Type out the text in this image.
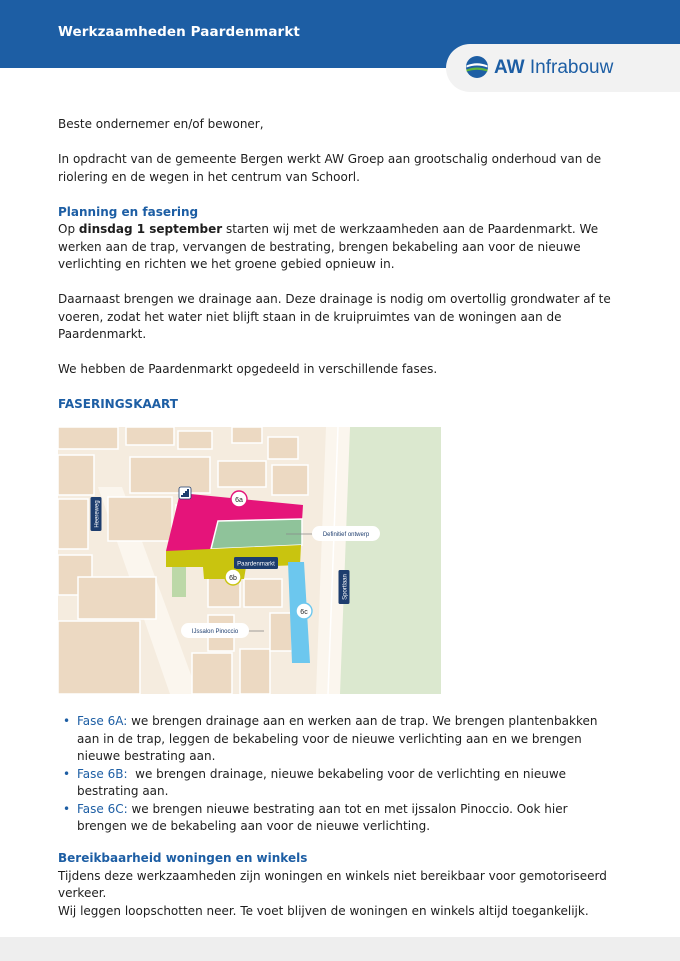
Werkzaamheden Paardenmarkt
AW Infrabouw

Beste ondernemer en/of bewoner,

In opdracht van de gemeente Bergen werkt AW Groep aan grootschalig onderhoud van de riolering en de wegen in het centrum van Schoorl.

Planning en fasering

Op dinsdag 1 september starten wij met de werkzaamheden aan de Paardenmarkt. We werken aan de trap, vervangen de bestrating, brengen bekabeling aan voor de nieuwe verlichting en richten we het groene gebied opnieuw in.

Daarnaast brengen we drainage aan. Deze drainage is nodig om overtollig grondwater af te voeren, zodat het water niet blijft staan in de kruipruimtes van de woningen aan de Paardenmarkt.

We hebben de Paardenmarkt opgedeeld in verschillende fases.

FASERINGSKAART

Heereweg
Sportlaan
Paardenmarkt
6a
6b
6c
Definitief ontwerp
IJssalon Pinoccio
• Fase 6A: we brengen drainage aan en werken aan de trap. We brengen plantenbakken aan in de trap, leggen de bekabeling voor de nieuwe verlichting aan en we brengen nieuwe bestrating aan.
• Fase 6B:  we brengen drainage, nieuwe bekabeling voor de verlichting en nieuwe bestrating aan.
• Fase 6C: we brengen nieuwe bestrating aan tot en met ijssalon Pinoccio. Ook hier brengen we de bekabeling aan voor de nieuwe verlichting.

Bereikbaarheid woningen en winkels

Tijdens deze werkzaamheden zijn woningen en winkels niet bereikbaar voor gemotoriseerd verkeer.

Wij leggen loopschotten neer. Te voet blijven de woningen en winkels altijd toegankelijk.
